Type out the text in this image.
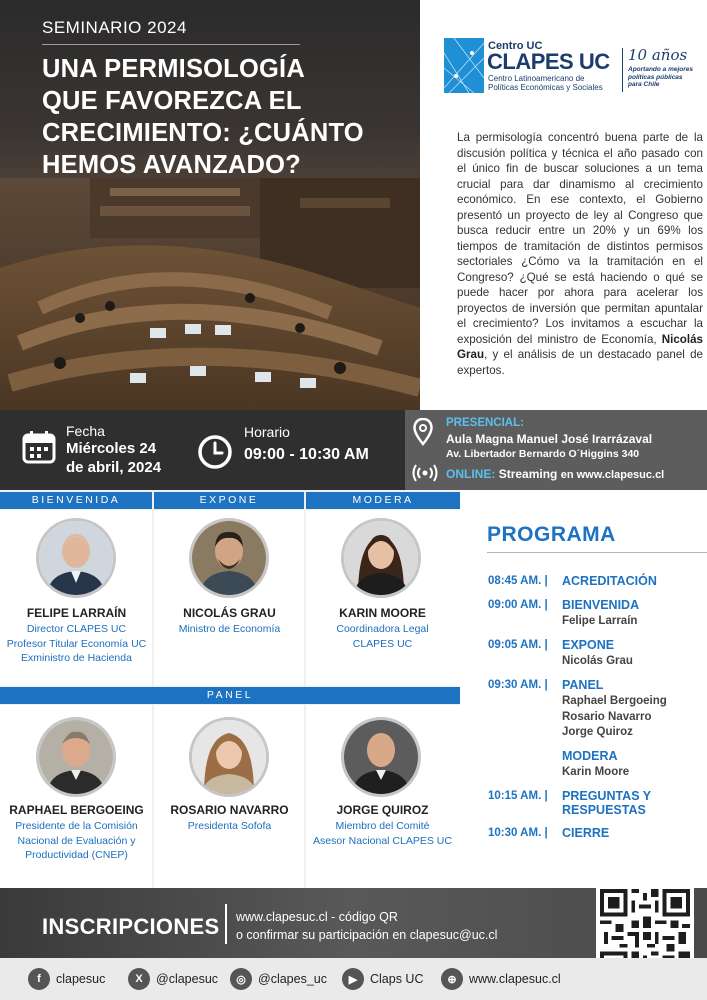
SEMINARIO 2024
UNA PERMISOLOGÍA
QUE FAVOREZCA EL
CRECIMIENTO: ¿CUÁNTO
HEMOS AVANZADO?
Centro UC
CLAPES UC
Centro Latinoamericano de
Políticas Económicas y Sociales
10 años
Aportando a mejores
políticas públicas
para Chile

La permisología concentró buena parte de la discusión política y técnica el año pasado con el único fin de buscar soluciones a un tema crucial para dar dinamismo al crecimiento económico. En ese contexto, el Gobierno presentó un proyecto de ley al Congreso que busca reducir entre un 20% y un 69% los tiempos de tramitación de distintos permisos sectoriales ¿Cómo va la tramitación en el Congreso? ¿Qué se está haciendo o qué se puede hacer por ahora para acelerar los proyectos de inversión que permitan apuntalar el crecimiento? Los invitamos a escuchar la exposición del ministro de Economía, Nicolás Grau, y el análisis de un destacado panel de expertos.

Fecha
Miércoles 24
de abril, 2024
Horario
09:00 - 10:30 AM
PRESENCIAL:
Aula Magna Manuel José Irarrázaval
Av. Libertador Bernardo O´Higgins 340
ONLINE: Streaming en www.clapesuc.cl
BIENVENIDA	EXPONE	MODERA
FELIPE LARRAÍN
Director CLAPES UC
Profesor Titular Economía UC
Exministro de Hacienda
NICOLÁS GRAU
Ministro de Economía
KARIN MOORE
Coordinadora Legal
CLAPES UC
PANEL
RAPHAEL BERGOEING
Presidente de la Comisión
Nacional de Evaluación y
Productividad (CNEP)
ROSARIO NAVARRO
Presidenta Sofofa
JORGE QUIROZ
Miembro del Comité
Asesor Nacional CLAPES UC
PROGRAMA
08:45 AM. |	ACREDITACIÓN
09:00 AM. |	BIENVENIDA
Felipe Larraín
09:05 AM. |	EXPONE
Nicolás Grau
09:30 AM. |	PANEL
Raphael Bergoeing
Rosario Navarro
Jorge Quiroz
MODERA
Karin Moore
10:15 AM. |	PREGUNTAS Y
RESPUESTAS
10:30 AM. |	CIERRE
INSCRIPCIONES www.clapesuc.cl - código QR
o confirmar su participación en clapesuc@uc.cl
f	clapesuc	X	@clapesuc	◎ @clapes_uc	▶	Claps UC	⊕ www.clapesuc.cl
